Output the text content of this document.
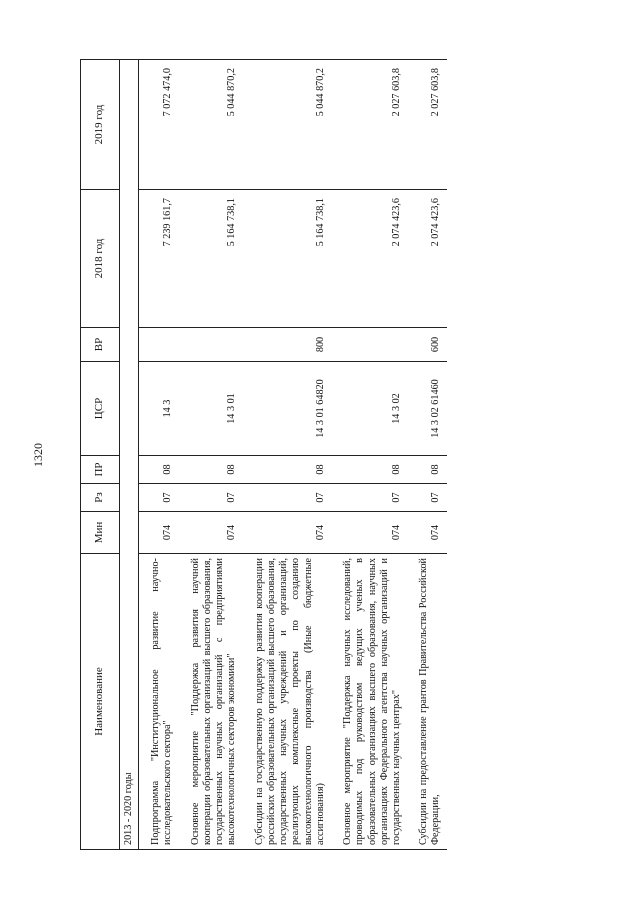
1320
Наименование	Мин	Рз	ПР	ЦСР	ВР	2018 год	2019 год
2013 - 2020 годы							

Подпрограмма "Институциональное развитие научно-исследовательского сектора"	074	07	08	14 3		7 239 161,7	7 072 474,0

Основное мероприятие "Поддержка развития научной кооперации образовательных организаций высшего образования, государственных научных организаций с предприятиями высокотехнологичных секторов экономики"	074	07	08	14 3 01		5 164 738,1	5 044 870,2

Субсидии на государственную поддержку развития кооперации российских образовательных организаций высшего образования, государственных научных учреждений и организаций, реализующих комплексные проекты по созданию высокотехнологичного производства (Иные бюджетные ассигнования)	074	07	08	14 3 01 64820	800	5 164 738,1	5 044 870,2

Основное мероприятие "Поддержка научных исследований, проводимых под руководством ведущих ученых в образовательных организациях высшего образования, научных организациях Федерального агентства научных организаций и государственных научных центрах"	074	07	08	14 3 02		2 074 423,6	2 027 603,8

Субсидии на предоставление грантов Правительства Российской Федерации,	074	07	08	14 3 02 61460	600	2 074 423,6	2 027 603,8
